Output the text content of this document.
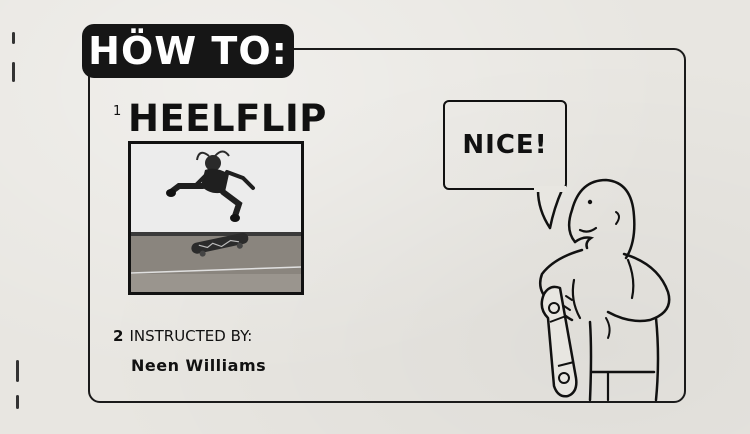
HÖW TO:
1 HEELFLIP
2 INSTRUCTED BY:
Neen Williams
NICE!
